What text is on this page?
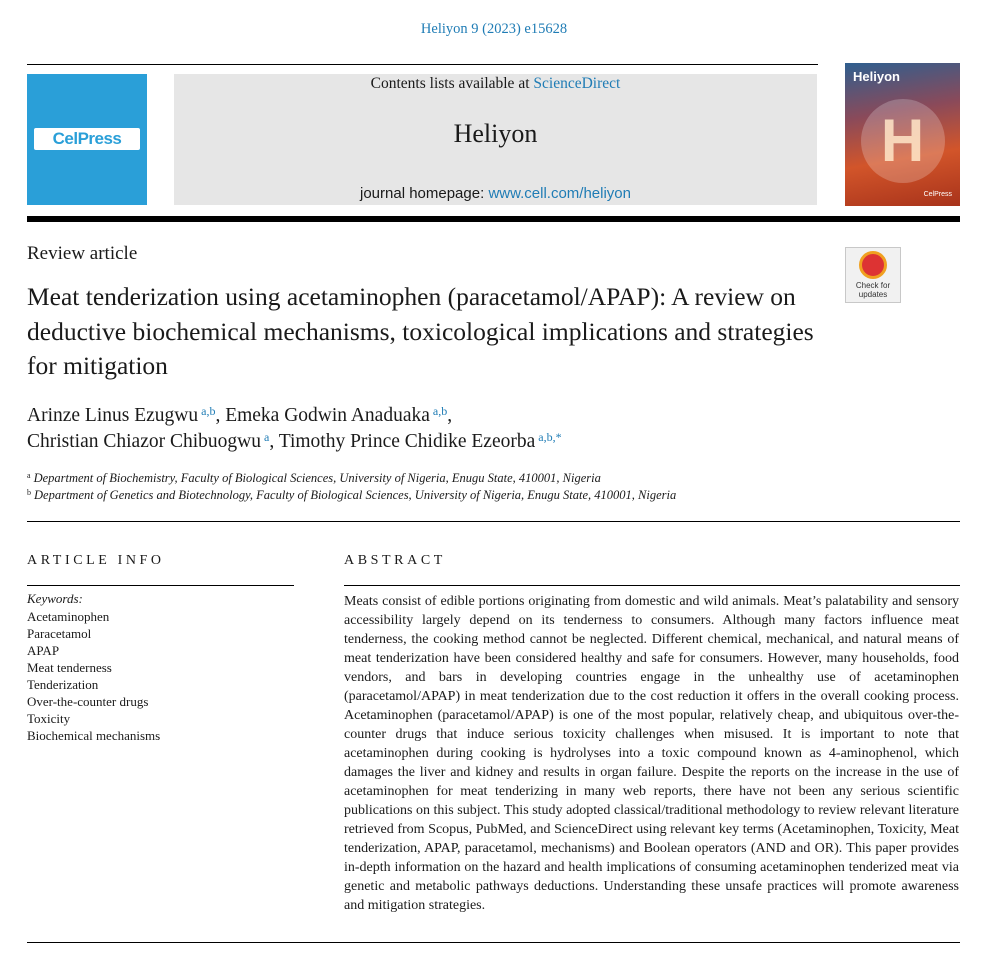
Heliyon 9 (2023) e15628
CelPress
Contents lists available at ScienceDirect
Heliyon
journal homepage: www.cell.com/heliyon
Heliyon
H
CelPress
Review article
Check for updates
Meat tenderization using acetaminophen (paracetamol/APAP): A review on deductive biochemical mechanisms, toxicological implications and strategies for mitigation
Arinze Linus Ezugwu $^{a,b}$, Emeka Godwin Anaduaka $^{a,b}$,
Christian Chiazor Chibuogwu $^a$, Timothy Prince Chidike Ezeorba $^{a,b,*}$
$^a$ Department of Biochemistry, Faculty of Biological Sciences, University of Nigeria, Enugu State, 410001, Nigeria
$^b$ Department of Genetics and Biotechnology, Faculty of Biological Sciences, University of Nigeria, Enugu State, 410001, Nigeria
ARTICLE INFO	ABSTRACT
Keywords:
Acetaminophen
Paracetamol
APAP
Meat tenderness
Tenderization
Over-the-counter drugs
Toxicity
Biochemical mechanisms
Meats consist of edible portions originating from domestic and wild animals. Meat’s palatability and sensory accessibility largely depend on its tenderness to consumers. Although many factors influence meat tenderness, the cooking method cannot be neglected. Different chemical, mechanical, and natural means of meat tenderization have been considered healthy and safe for consumers. However, many households, food vendors, and bars in developing countries engage in the unhealthy use of acetaminophen (paracetamol/APAP) in meat tenderization due to the cost reduction it offers in the overall cooking process. Acetaminophen (paracetamol/APAP) is one of the most popular, relatively cheap, and ubiquitous over-the-counter drugs that induce serious toxicity challenges when misused. It is important to note that acetaminophen during cooking is hydrolyses into a toxic compound known as 4-aminophenol, which damages the liver and kidney and results in organ failure. Despite the reports on the increase in the use of acetaminophen for meat tenderizing in many web reports, there have not been any serious scientific publications on this subject. This study adopted classical/traditional methodology to review relevant literature retrieved from Scopus, PubMed, and ScienceDirect using relevant key terms (Acetaminophen, Toxicity, Meat tenderization, APAP, paracetamol, mechanisms) and Boolean operators (AND and OR). This paper provides in-depth information on the hazard and health implications of consuming acetaminophen tenderized meat via genetic and metabolic pathways deductions. Understanding these unsafe practices will promote awareness and mitigation strategies.
